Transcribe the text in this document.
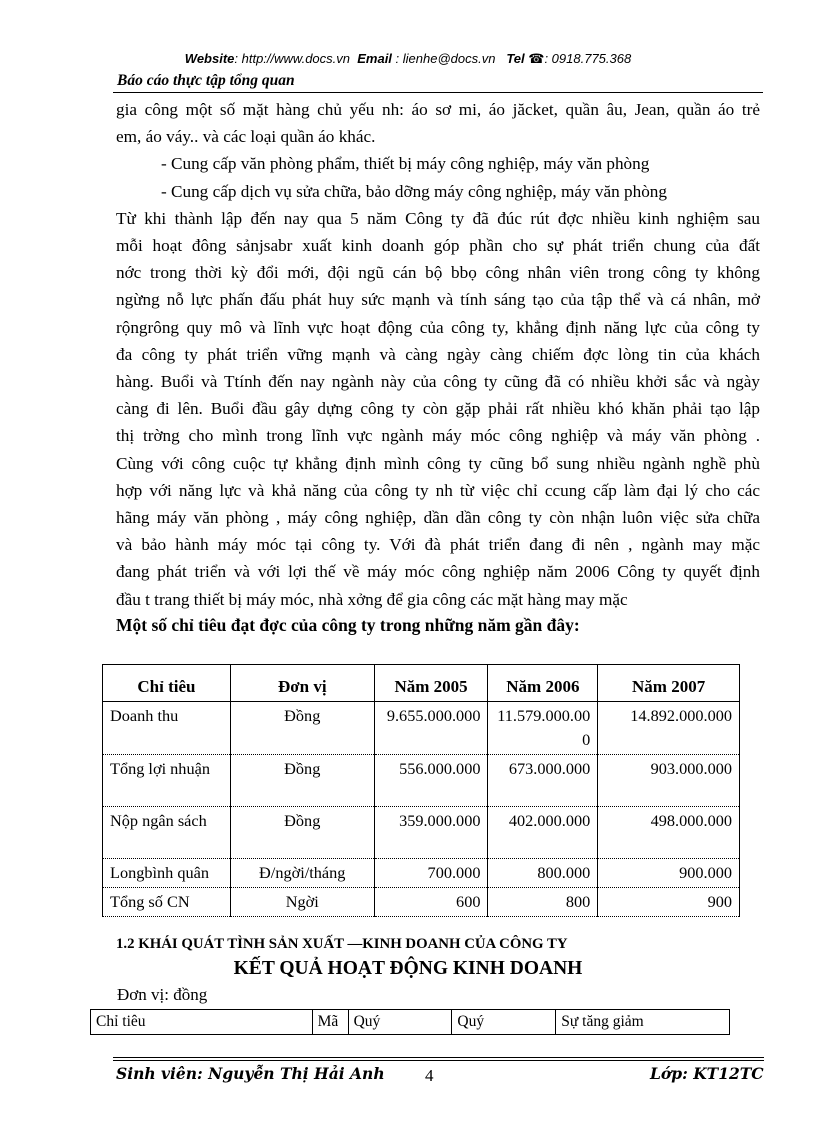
Website: http://www.docs.vn Email : lienhe@docs.vn Tel ☎: 0918.775.368
Báo cáo thực tập tổng quan

gia công một số mặt hàng chủ yếu nh: áo sơ mi, áo jăcket, quần âu, Jean, quần áo trẻ

em, áo váy.. và các loại quần áo khác.

- Cung cấp văn phòng phẩm, thiết bị máy công nghiệp, máy văn phòng

- Cung cấp dịch vụ sửa chữa, bảo dỡng máy công nghiệp, máy văn phòng

Từ khi thành lập đến nay qua 5 năm Công ty đã đúc rút đợc nhiều kinh nghiệm sau

mỗi hoạt đông sảnjsabr xuất kinh doanh góp phần cho sự phát triển chung của đất

nớc trong thời kỳ đổi mới, đội ngũ cán bộ bbọ công nhân viên trong công ty không

ngừng nỗ lực phấn đấu phát huy sức mạnh và tính sáng tạo của tập thể và cá nhân, mở

rộngrông quy mô và lĩnh vực hoạt động của công ty, khẳng định năng lực của công ty

đa công ty phát triển vững mạnh và càng ngày càng chiếm đợc lòng tin của khách

hàng. Buổi và Ttính đến nay ngành này của công ty cũng đã có nhiều khởi sắc và ngày

càng đi lên. Buổi đầu gây dựng công ty còn gặp phải rất nhiều khó khăn phải tạo lập

thị trờng cho mình trong lĩnh vực ngành máy móc công nghiệp và máy văn phòng .

Cùng với công cuộc tự khẳng định mình công ty cũng bổ sung nhiều ngành nghề phù

hợp với năng lực và khả năng của công ty nh từ việc chỉ ccung cấp làm đại lý cho các

hãng máy văn phòng , máy công nghiệp, dần dần công ty còn nhận luôn việc sửa chữa

và bảo hành máy móc tại công ty. Với đà phát triển đang đi nên , ngành may mặc

đang phát triển và với lợi thế về máy móc công nghiệp năm 2006 Công ty quyết định

đầu t trang thiết bị máy móc, nhà xởng để gia công các mặt hàng may mặc

Một số chỉ tiêu đạt đợc của công ty trong những năm gần đây:
Chỉ tiêu	Đơn vị	Năm 2005	Năm 2006	Năm 2007
Doanh thu	Đồng	9.655.000.000	11.579.000.000	14.892.000.000
Tổng lợi nhuận	Đồng	556.000.000	673.000.000	903.000.000
Nộp ngân sách	Đồng	359.000.000	402.000.000	498.000.000
Longbình quân	Đ/ngời/tháng	700.000	800.000	900.000
Tổng số CN	Ngời	600	800	900
1.2 KHÁI QUÁT TÌNH SẢN XUẤT —KINH DOANH CỦA CÔNG TY
KẾT QUẢ HOẠT ĐỘNG KINH DOANH
Đơn vị: đồng
Chỉ tiêu	Mã	Quý	Quý	Sự tăng giảm
Sinh viên: Nguyễn Thị Hải Anh 4	Lớp: KT12TC
